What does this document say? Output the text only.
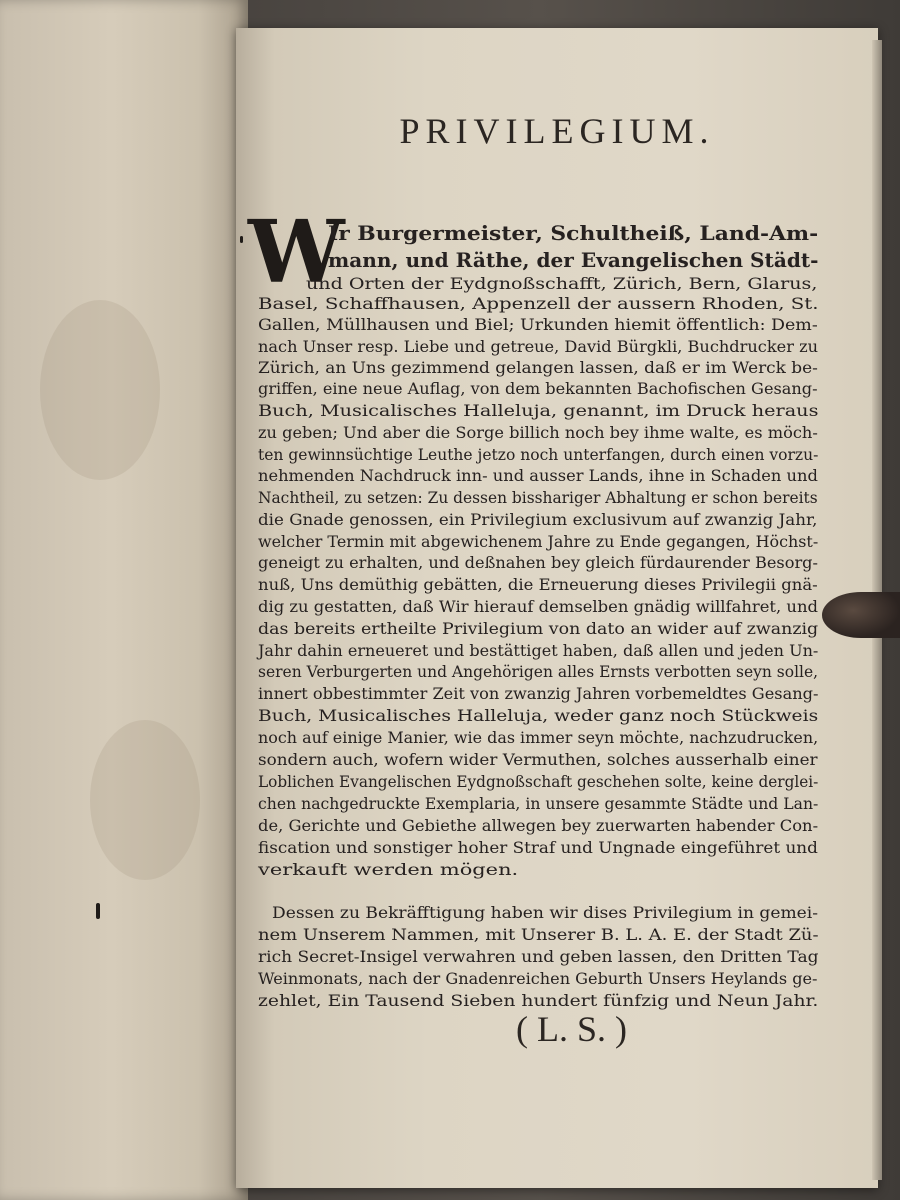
PRIVILEGIUM.
W
Ir Burgermeister, Schultheiß, Land-Am-
mann, und Räthe, der Evangelischen Städt-
und Orten der Eydgnoßschafft, Zürich, Bern, Glarus,
Basel, Schaffhausen, Appenzell der aussern Rhoden, St.
Gallen, Müllhausen und Biel; Urkunden hiemit öffentlich: Dem-
nach Unser resp. Liebe und getreue, David Bürgkli, Buchdrucker zu
Zürich, an Uns gezimmend gelangen lassen, daß er im Werck be-
griffen, eine neue Auflag, von dem bekannten Bachofischen Gesang-
Buch, Musicalisches Halleluja, genannt, im Druck heraus
zu geben; Und aber die Sorge billich noch bey ihme walte, es möch-
ten gewinnsüchtige Leuthe jetzo noch unterfangen, durch einen vorzu-
nehmenden Nachdruck inn- und ausser Lands, ihne in Schaden und
Nachtheil, zu setzen: Zu dessen bisshariger Abhaltung er schon bereits
die Gnade genossen, ein Privilegium exclusivum auf zwanzig Jahr,
welcher Termin mit abgewichenem Jahre zu Ende gegangen, Höchst-
geneigt zu erhalten, und deßnahen bey gleich fürdaurender Besorg-
nuß, Uns demüthig gebätten, die Erneuerung dieses Privilegii gnä-
dig zu gestatten, daß Wir hierauf demselben gnädig willfahret, und
das bereits ertheilte Privilegium von dato an wider auf zwanzig
Jahr dahin erneueret und bestättiget haben, daß allen und jeden Un-
seren Verburgerten und Angehörigen alles Ernsts verbotten seyn solle,
innert obbestimmter Zeit von zwanzig Jahren vorbemeldtes Gesang-
Buch, Musicalisches Halleluja, weder ganz noch Stückweis
noch auf einige Manier, wie das immer seyn möchte, nachzudrucken,
sondern auch, wofern wider Vermuthen, solches ausserhalb einer
Loblichen Evangelischen Eydgnoßschaft geschehen solte, keine derglei-
chen nachgedruckte Exemplaria, in unsere gesammte Städte und Lan-
de, Gerichte und Gebiethe allwegen bey zuerwarten habender Con-
fiscation und sonstiger hoher Straf und Ungnade eingeführet und
verkauft werden mögen.
Dessen zu Bekräfftigung haben wir dises Privilegium in gemei-
nem Unserem Nammen, mit Unserer B. L. A. E. der Stadt Zü-
rich Secret-Insigel verwahren und geben lassen, den Dritten Tag
Weinmonats, nach der Gnadenreichen Geburth Unsers Heylands ge-
zehlet, Ein Tausend Sieben hundert fünfzig und Neun Jahr.
( L. S. )
